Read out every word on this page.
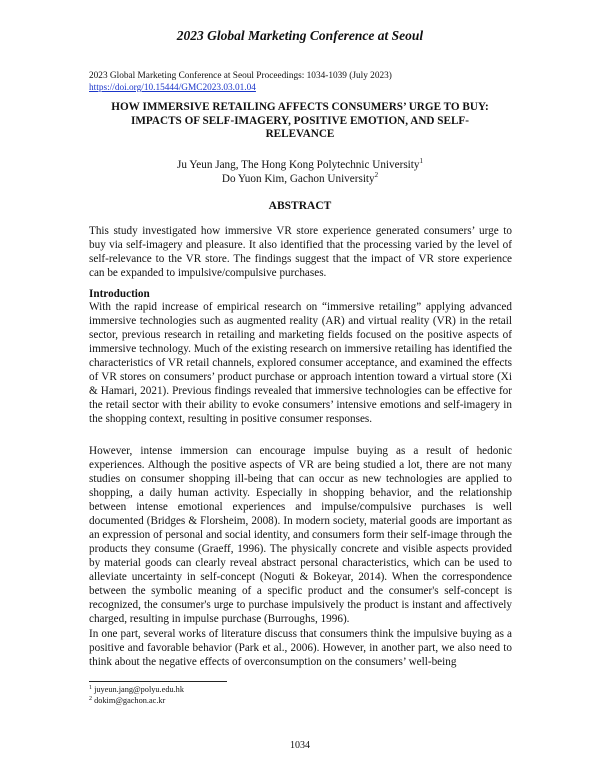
2023 Global Marketing Conference at Seoul
2023 Global Marketing Conference at Seoul Proceedings: 1034-1039 (July 2023)
https://doi.org/10.15444/GMC2023.03.01.04
HOW IMMERSIVE RETAILING AFFECTS CONSUMERS’ URGE TO BUY: IMPACTS OF SELF-IMAGERY, POSITIVE EMOTION, AND SELF-RELEVANCE
Ju Yeun Jang, The Hong Kong Polytechnic University$^1$
Do Yuon Kim, Gachon University$^2$
ABSTRACT

This study investigated how immersive VR store experience generated consumers’ urge to buy via self-imagery and pleasure. It also identified that the processing varied by the level of self-relevance to the VR store. The findings suggest that the impact of VR store experience can be expanded to impulsive/compulsive purchases.

Introduction

With the rapid increase of empirical research on “immersive retailing” applying advanced immersive technologies such as augmented reality (AR) and virtual reality (VR) in the retail sector, previous research in retailing and marketing fields focused on the positive aspects of immersive technology. Much of the existing research on immersive retailing has identified the characteristics of VR retail channels, explored consumer acceptance, and examined the effects of VR stores on consumers’ product purchase or approach intention toward a virtual store (Xi & Hamari, 2021). Previous findings revealed that immersive technologies can be effective for the retail sector with their ability to evoke consumers’ intensive emotions and self-imagery in the shopping context, resulting in positive consumer responses.

However, intense immersion can encourage impulse buying as a result of hedonic experiences. Although the positive aspects of VR are being studied a lot, there are not many studies on consumer shopping ill-being that can occur as new technologies are applied to shopping, a daily human activity. Especially in shopping behavior, and the relationship between intense emotional experiences and impulse/compulsive purchases is well documented (Bridges & Florsheim, 2008). In modern society, material goods are important as an expression of personal and social identity, and consumers form their self-image through the products they consume (Graeff, 1996). The physically concrete and visible aspects provided by material goods can clearly reveal abstract personal characteristics, which can be used to alleviate uncertainty in self-concept (Noguti & Bokeyar, 2014). When the correspondence between the symbolic meaning of a specific product and the consumer's self-concept is recognized, the consumer's urge to purchase impulsively the product is instant and affectively charged, resulting in impulse purchase (Burroughs, 1996).

In one part, several works of literature discuss that consumers think the impulsive buying as a positive and favorable behavior (Park et al., 2006). However, in another part, we also need to think about the negative effects of overconsumption on the consumers’ well-being

$^1$ juyeun.jang@polyu.edu.hk
$^2$ dokim@gachon.ac.kr
1034
